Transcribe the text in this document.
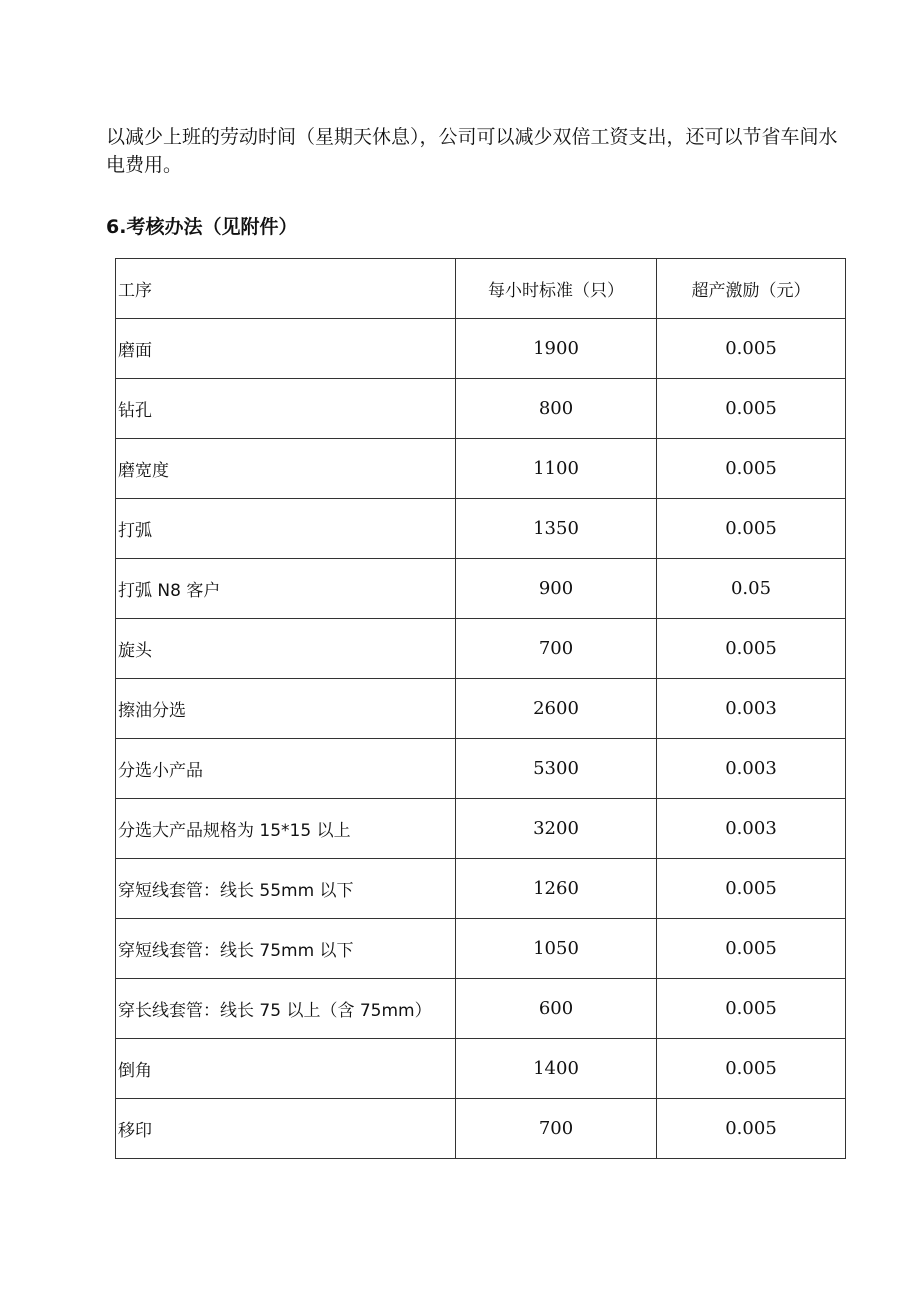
以减少上班的劳动时间（星期天休息），公司可以减少双倍工资支出，还可以节省车间水电费用。

6.考核办法（见附件）
工序	每小时标准（只）	超产激励（元）
磨面	1900	0.005
钻孔	800	0.005
磨宽度	1100	0.005
打弧	1350	0.005
打弧 N8 客户	900	0.05
旋头	700	0.005
擦油分选	2600	0.003
分选小产品	5300	0.003
分选大产品规格为 15*15 以上	3200	0.003
穿短线套管：线长 55mm 以下	1260	0.005
穿短线套管：线长 75mm 以下	1050	0.005
穿长线套管：线长 75 以上（含 75mm）	600	0.005
倒角	1400	0.005
移印	700	0.005
